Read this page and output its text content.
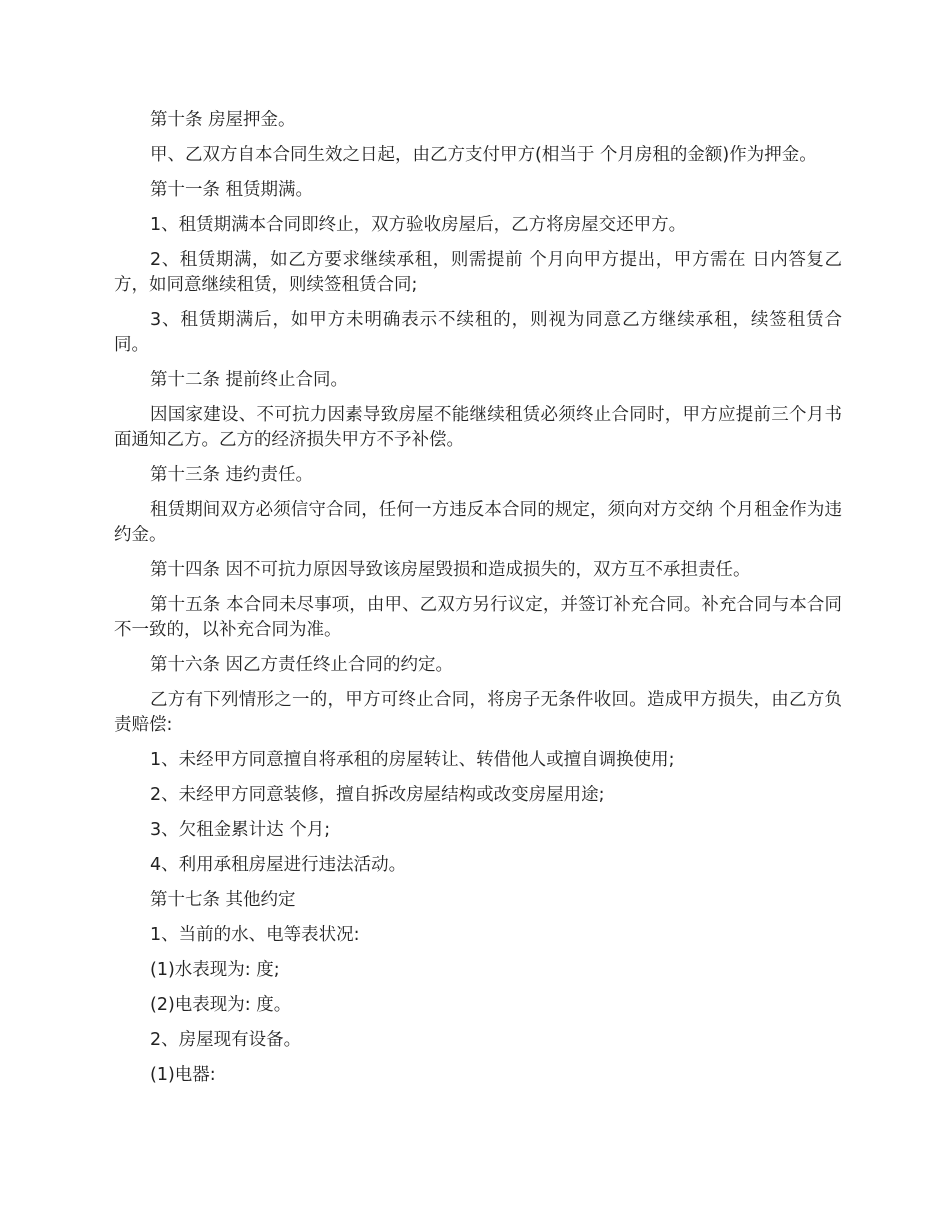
第十条 房屋押金。

甲、乙双方自本合同生效之日起，由乙方支付甲方(相当于 个月房租的金额)作为押金。

第十一条 租赁期满。

1、租赁期满本合同即终止，双方验收房屋后，乙方将房屋交还甲方。

2、租赁期满，如乙方要求继续承租，则需提前 个月向甲方提出，甲方需在 日内答复乙方，如同意继续租赁，则续签租赁合同;

3、租赁期满后，如甲方未明确表示不续租的，则视为同意乙方继续承租，续签租赁合同。

第十二条 提前终止合同。

因国家建设、不可抗力因素导致房屋不能继续租赁必须终止合同时，甲方应提前三个月书面通知乙方。乙方的经济损失甲方不予补偿。

第十三条 违约责任。

租赁期间双方必须信守合同，任何一方违反本合同的规定，须向对方交纳 个月租金作为违约金。

第十四条 因不可抗力原因导致该房屋毁损和造成损失的，双方互不承担责任。

第十五条 本合同未尽事项，由甲、乙双方另行议定，并签订补充合同。补充合同与本合同不一致的，以补充合同为准。

第十六条 因乙方责任终止合同的约定。

乙方有下列情形之一的，甲方可终止合同，将房子无条件收回。造成甲方损失，由乙方负责赔偿:

1、未经甲方同意擅自将承租的房屋转让、转借他人或擅自调换使用;

2、未经甲方同意装修，擅自拆改房屋结构或改变房屋用途;

3、欠租金累计达 个月;

4、利用承租房屋进行违法活动。

第十七条 其他约定

1、当前的水、电等表状况:

(1)水表现为: 度;

(2)电表现为: 度。

2、房屋现有设备。

(1)电器:
